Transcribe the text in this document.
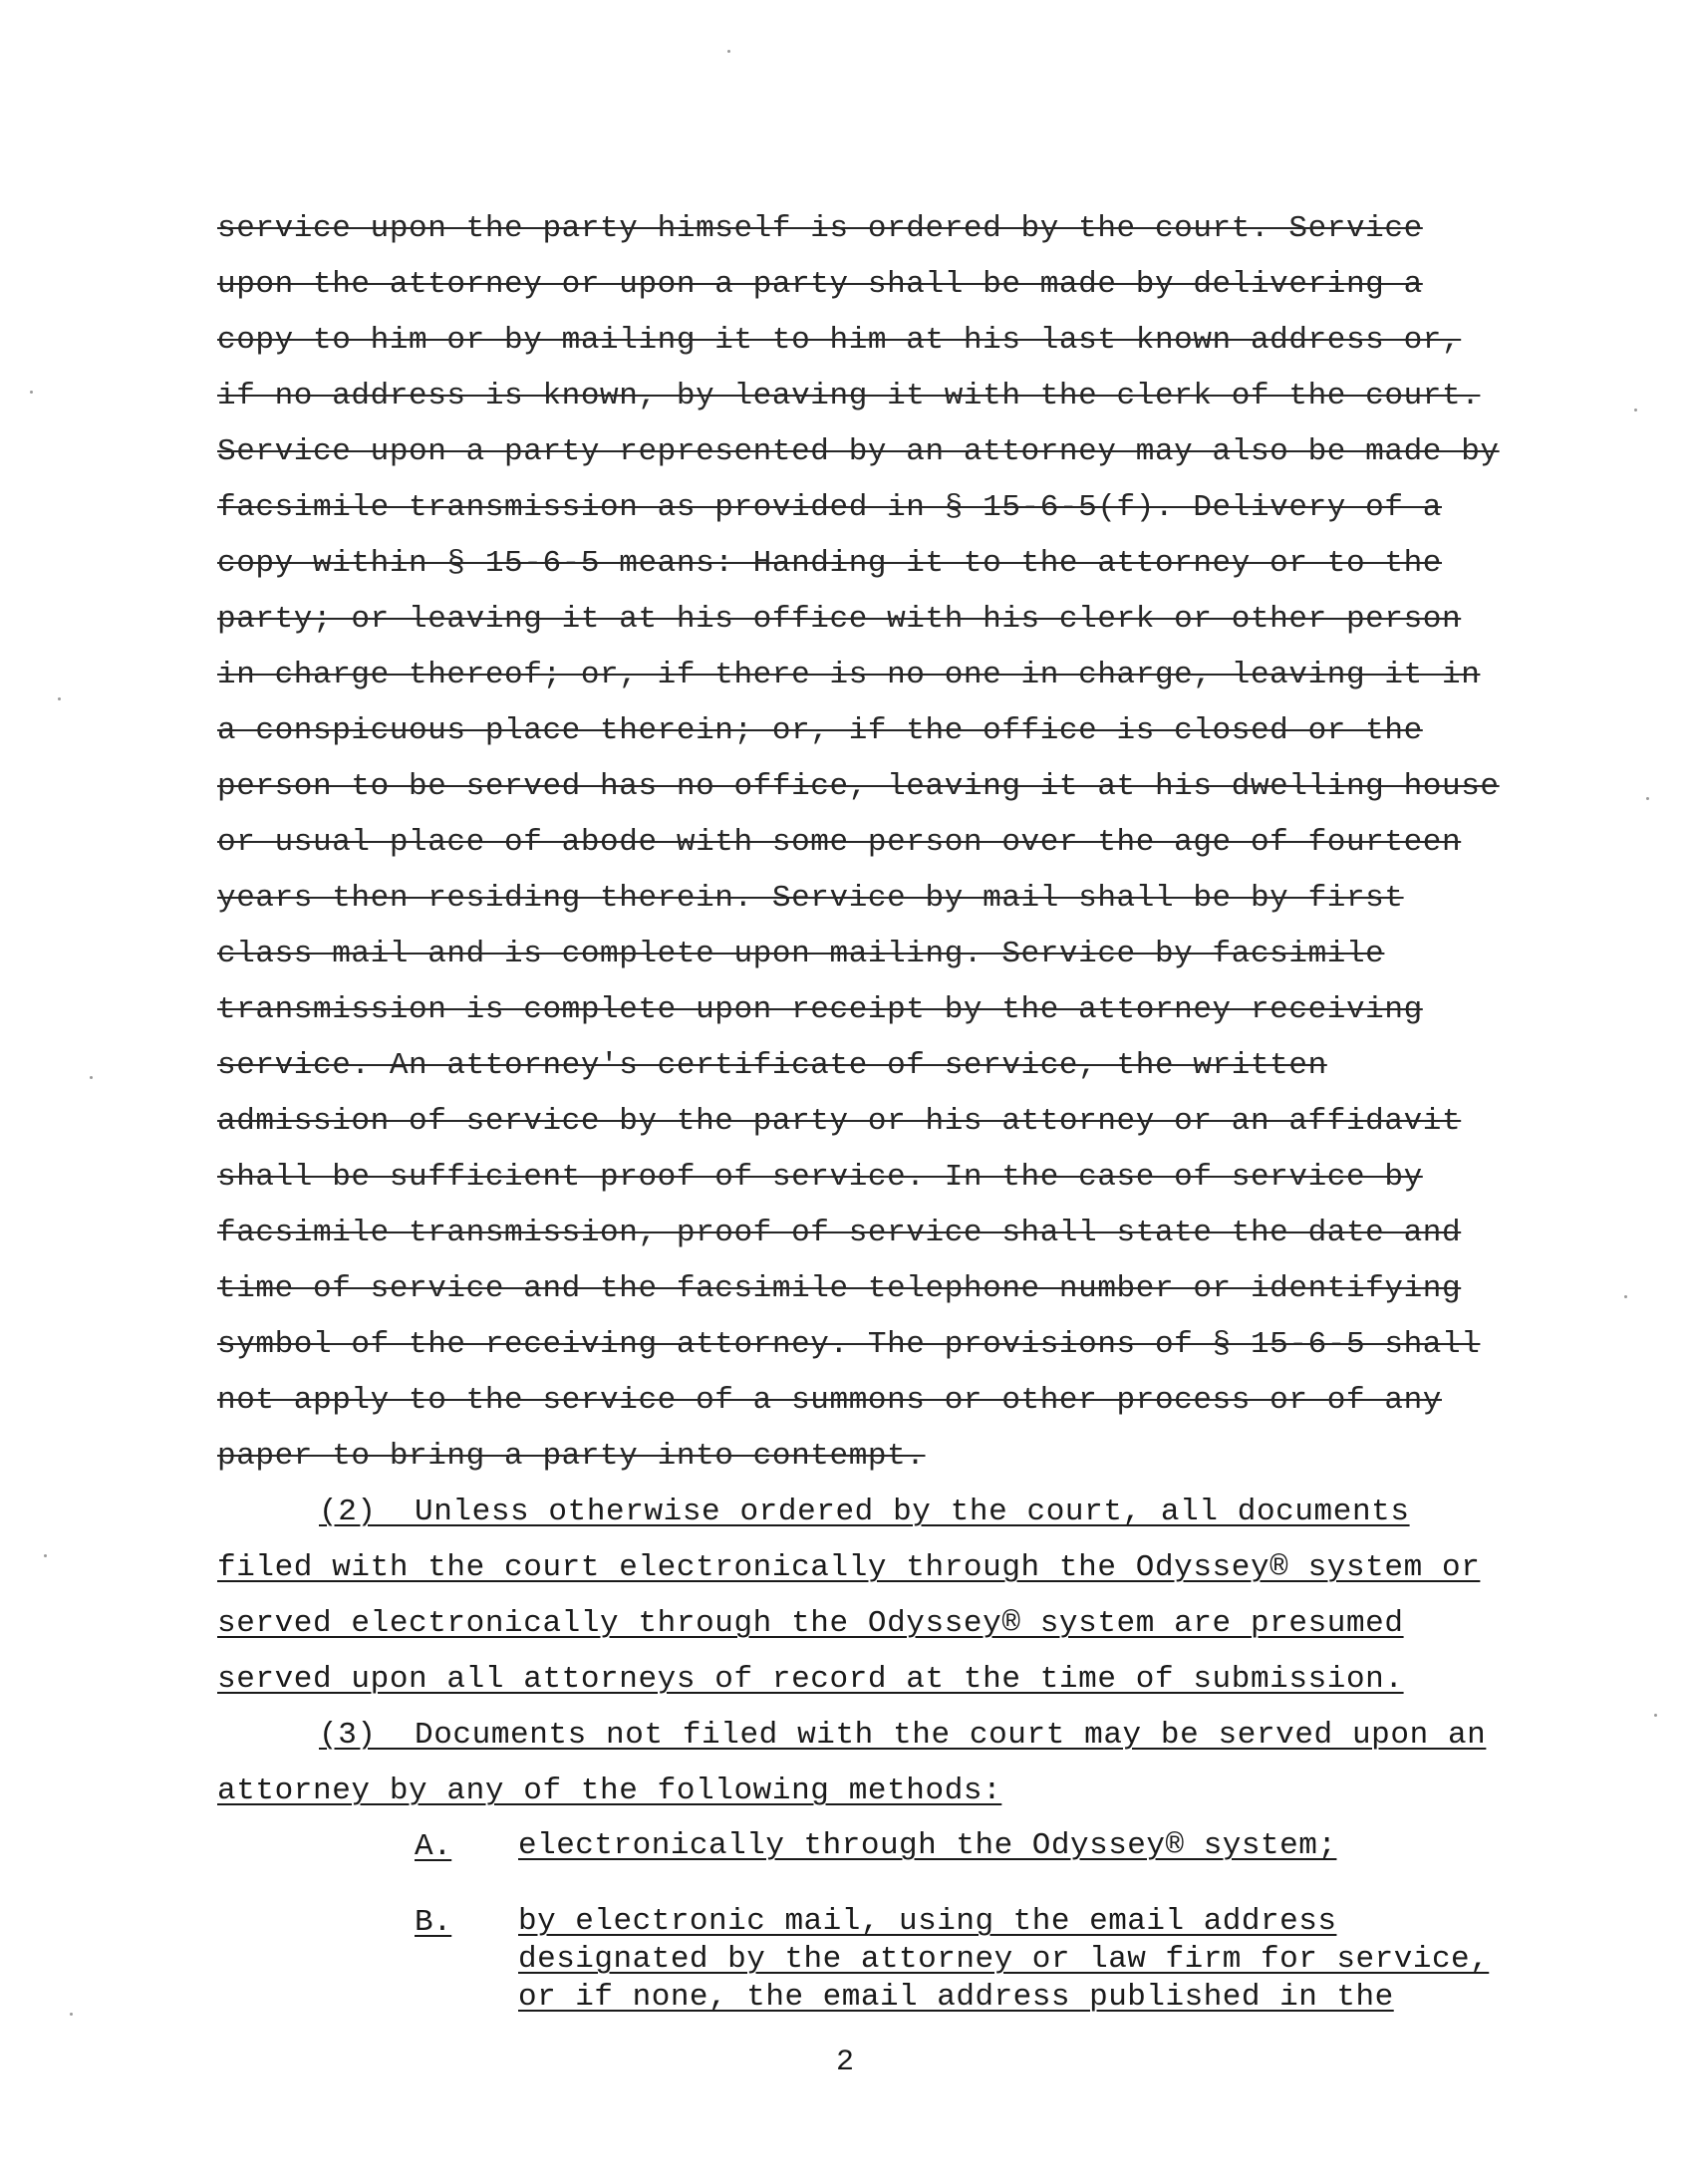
service upon the party himself is ordered by the court. Service
upon the attorney or upon a party shall be made by delivering a
copy to him or by mailing it to him at his last known address or,
if no address is known, by leaving it with the clerk of the court.
Service upon a party represented by an attorney may also be made by
facsimile transmission as provided in § 15-6-5(f). Delivery of a
copy within § 15-6-5 means: Handing it to the attorney or to the
party; or leaving it at his office with his clerk or other person
in charge thereof; or, if there is no one in charge, leaving it in
a conspicuous place therein; or, if the office is closed or the
person to be served has no office, leaving it at his dwelling house
or usual place of abode with some person over the age of fourteen
years then residing therein. Service by mail shall be by first
class mail and is complete upon mailing. Service by facsimile
transmission is complete upon receipt by the attorney receiving
service. An attorney's certificate of service, the written
admission of service by the party or his attorney or an affidavit
shall be sufficient proof of service. In the case of service by
facsimile transmission, proof of service shall state the date and
time of service and the facsimile telephone number or identifying
symbol of the receiving attorney. The provisions of § 15-6-5 shall
not apply to the service of a summons or other process or of any
paper to bring a party into contempt.
(2)  Unless otherwise ordered by the court, all documents
filed with the court electronically through the Odyssey® system or
served electronically through the Odyssey® system are presumed
served upon all attorneys of record at the time of submission.
(3)  Documents not filed with the court may be served upon an
attorney by any of the following methods:
A. electronically through the Odyssey® system;
B. by electronic mail, using the email address
designated by the attorney or law firm for service,
or if none, the email address published in the
2
